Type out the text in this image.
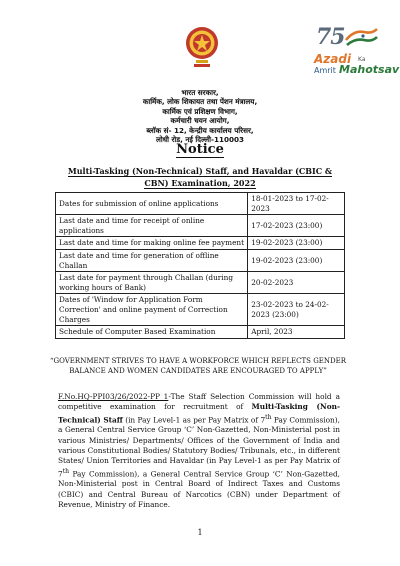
75
Azadi Ka
Amrit Mahotsav
भारत सरकार,
कार्मिक, लोक शिकायत तथा पेंशन मंत्रालय,
कार्मिक एवं प्रशिक्षण विभाग,
कर्मचारी चयन आयोग,
ब्लॉक सं- 12, केन्द्रीय कार्यालय परिसर,
लोधी रोड, नई दिल्ली-110003
Notice
Multi-Tasking (Non-Technical) Staff, and Havaldar (CBIC & CBN) Examination, 2022
Dates for submission of online applications	18-01-2023 to 17-02-2023
Last date and time for receipt of online applications	17-02-2023 (23:00)
Last date and time for making online fee payment	19-02-2023 (23:00)
Last date and time for generation of offline Challan	19-02-2023 (23:00)
Last date for payment through Challan (during working hours of Bank)	20-02-2023
Dates of 'Window for Application Form Correction' and online payment of Correction Charges	23-02-2023 to 24-02-2023 (23:00)
Schedule of Computer Based Examination	April, 2023
“GOVERNMENT STRIVES TO HAVE A WORKFORCE WHICH REFLECTS GENDER BALANCE AND WOMEN CANDIDATES ARE ENCOURAGED TO APPLY”
F.No.HQ-PPI03/26/2022-PP_1-The Staff Selection Commission will hold a competitive examination for recruitment of Multi-Tasking (Non-Technical) Staff (in Pay Level-1 as per Pay Matrix of 7th Pay Commission), a General Central Service Group ‘C’ Non-Gazetted, Non-Ministerial post in various Ministries/ Departments/ Offices of the Government of India and various Constitutional Bodies/ Statutory Bodies/ Tribunals, etc., in different States/ Union Territories and Havaldar (in Pay Level-1 as per Pay Matrix of 7th Pay Commission), a General Central Service Group ‘C’ Non-Gazetted, Non-Ministerial post in Central Board of Indirect Taxes and Customs (CBIC) and Central Bureau of Narcotics (CBN) under Department of Revenue, Ministry of Finance.
1
